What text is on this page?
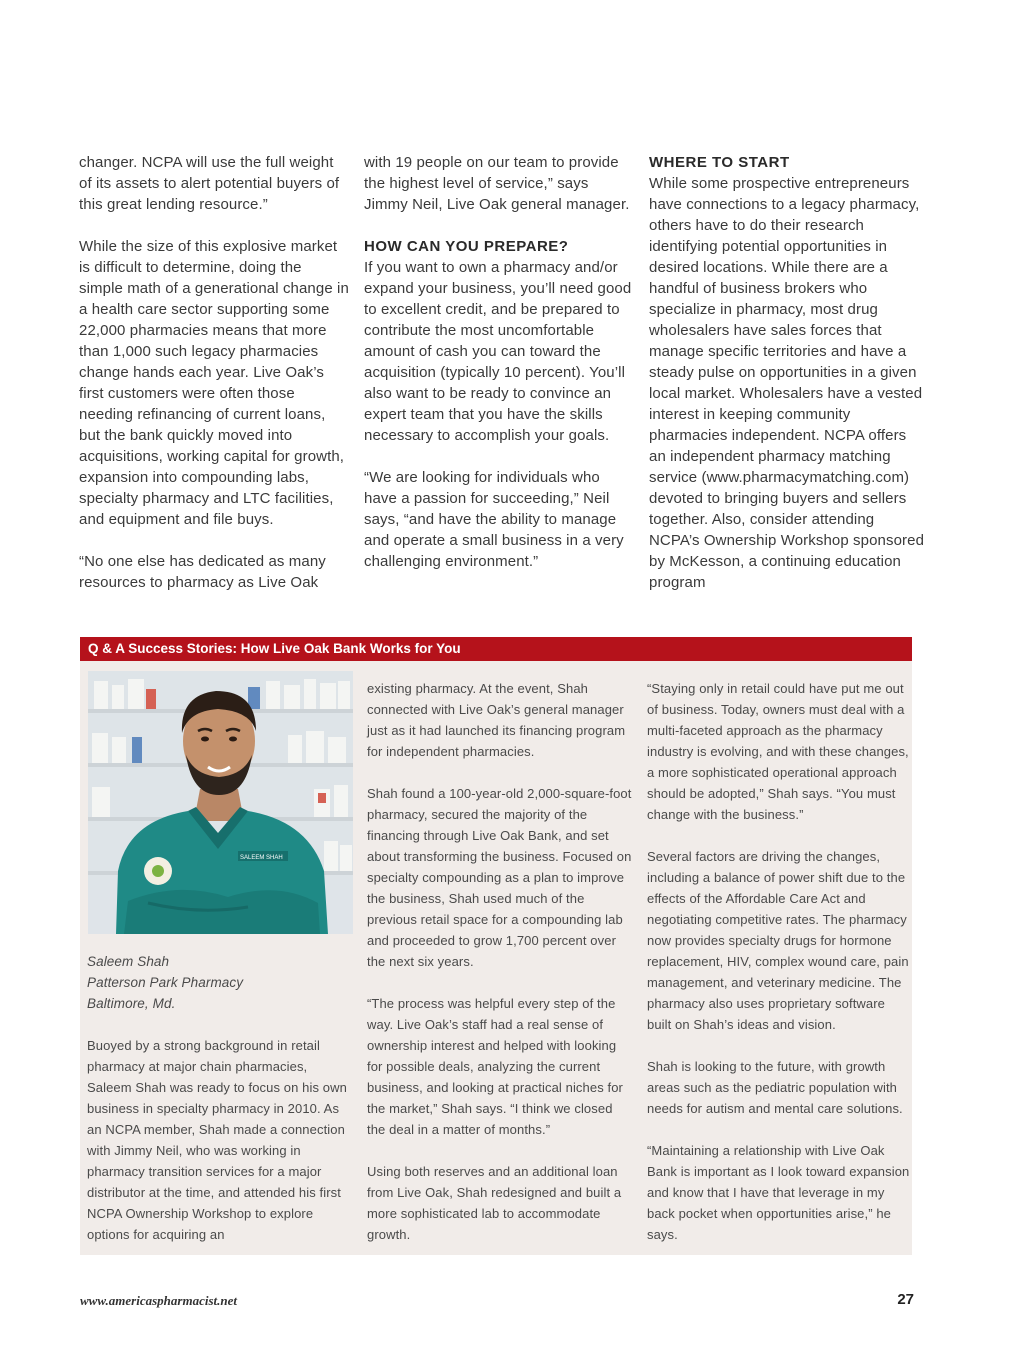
changer. NCPA will use the full weight of its assets to alert potential buyers of this great lending resource.”

While the size of this explosive market is difficult to determine, doing the simple math of a generational change in a health care sector supporting some 22,000 pharmacies means that more than 1,000 such legacy pharmacies change hands each year. Live Oak’s first customers were often those needing refinancing of current loans, but the bank quickly moved into acquisitions, working capital for growth, expansion into compounding labs, specialty pharmacy and LTC facilities, and equipment and file buys.

“No one else has dedicated as many resources to pharmacy as Live Oak

with 19 people on our team to provide the highest level of service,” says Jimmy Neil, Live Oak general manager.

HOW CAN YOU PREPARE?

If you want to own a pharmacy and/or expand your business, you’ll need good to excellent credit, and be prepared to contribute the most uncomfortable amount of cash you can toward the acquisition (typically 10 percent). You’ll also want to be ready to convince an expert team that you have the skills necessary to accomplish your goals.

“We are looking for individuals who have a passion for succeeding,” Neil says, “and have the ability to manage and operate a small business in a very challenging environment.”

WHERE TO START

While some prospective entrepreneurs have connections to a legacy pharmacy, others have to do their research identifying potential opportunities in desired locations. While there are a handful of business brokers who specialize in pharmacy, most drug wholesalers have sales forces that manage specific territories and have a steady pulse on opportunities in a given local market. Wholesalers have a vested interest in keeping community pharmacies independent. NCPA offers an independent pharmacy matching service (www.pharmacymatching.com) devoted to bringing buyers and sellers together. Also, consider attending NCPA’s Ownership Workshop sponsored by McKesson, a continuing education program

Q & A Success Stories: How Live Oak Bank Works for You
SALEEM SHAH
Saleem Shah
Patterson Park Pharmacy
Baltimore, Md.

Buoyed by a strong background in retail pharmacy at major chain pharmacies, Saleem Shah was ready to focus on his own business in specialty pharmacy in 2010. As an NCPA member, Shah made a connection with Jimmy Neil, who was working in pharmacy transition services for a major distributor at the time, and attended his first NCPA Ownership Workshop to explore options for acquiring an

existing pharmacy. At the event, Shah connected with Live Oak’s general manager just as it had launched its financing program for independent pharmacies.

Shah found a 100-year-old 2,000-square-foot pharmacy, secured the majority of the financing through Live Oak Bank, and set about transforming the business. Focused on specialty compounding as a plan to improve the business, Shah used much of the previous retail space for a compounding lab and proceeded to grow 1,700 percent over the next six years.

“The process was helpful every step of the way. Live Oak’s staff had a real sense of ownership interest and helped with looking for possible deals, analyzing the current business, and looking at practical niches for the market,” Shah says. “I think we closed the deal in a matter of months.”

Using both reserves and an additional loan from Live Oak, Shah redesigned and built a more sophisticated lab to accommodate growth.

“Staying only in retail could have put me out of business. Today, owners must deal with a multi-faceted approach as the pharmacy industry is evolving, and with these changes, a more sophisticated operational approach should be adopted,” Shah says. “You must change with the business.”

Several factors are driving the changes, including a balance of power shift due to the effects of the Affordable Care Act and negotiating competitive rates. The pharmacy now provides specialty drugs for hormone replacement, HIV, complex wound care, pain management, and veterinary medicine. The pharmacy also uses proprietary software built on Shah’s ideas and vision.

Shah is looking to the future, with growth areas such as the pediatric population with needs for autism and mental care solutions.

“Maintaining a relationship with Live Oak Bank is important as I look toward expansion and know that I have that leverage in my back pocket when opportunities arise,” he says.

www.americaspharmacist.net	27
